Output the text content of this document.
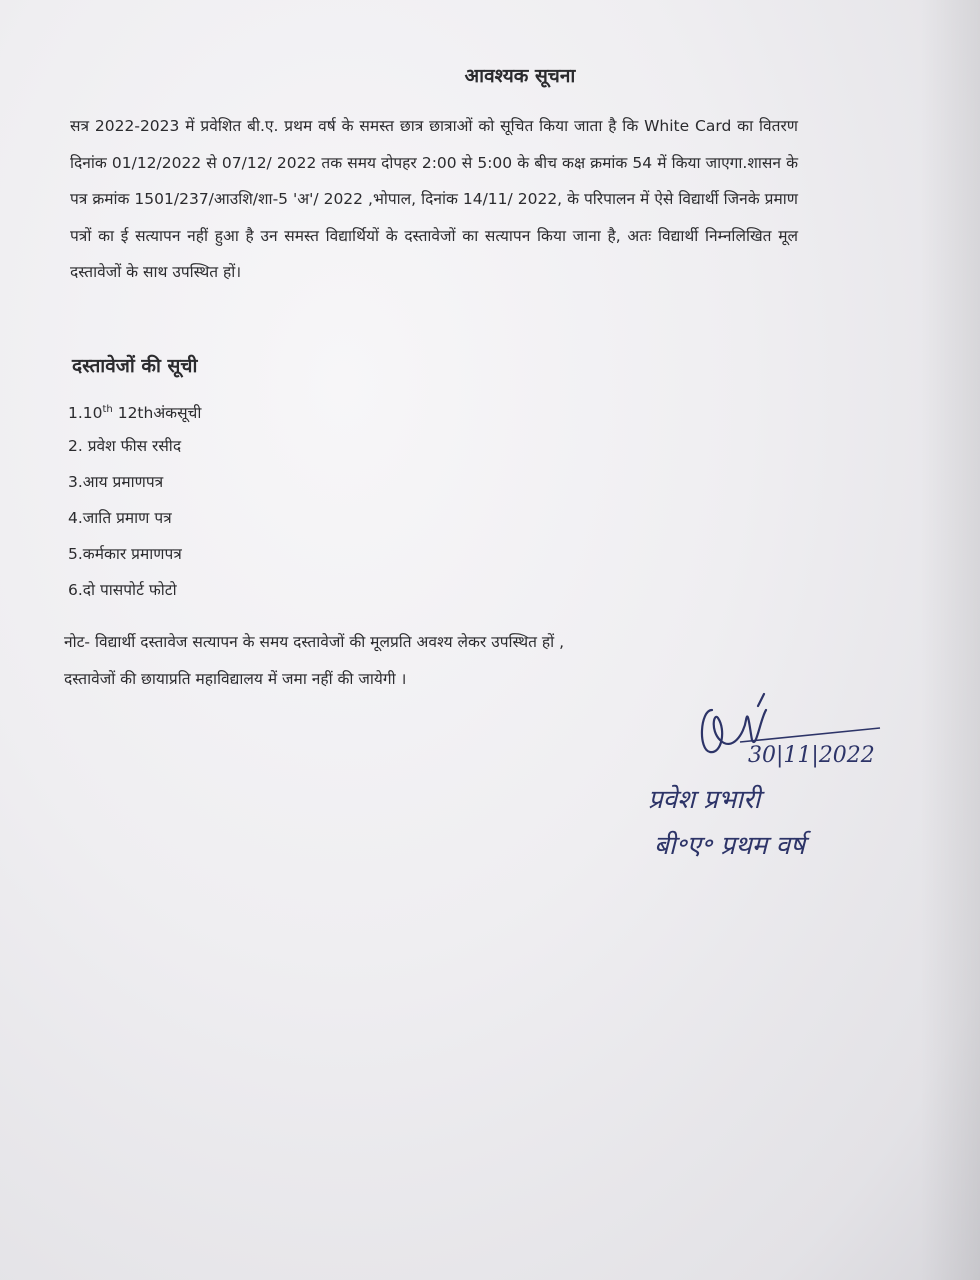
आवश्यक सूचना
सत्र 2022-2023 में प्रवेशित बी.ए. प्रथम वर्ष के समस्त छात्र छात्राओं को सूचित किया जाता है कि White Card का वितरण दिनांक 01/12/2022 से 07/12/ 2022 तक समय दोपहर 2:00 से 5:00 के बीच कक्ष क्रमांक 54 में किया जाएगा.शासन के पत्र क्रमांक 1501/237/आउशि/शा-5 'अ'/ 2022 ,भोपाल, दिनांक 14/11/ 2022, के परिपालन में ऐसे विद्यार्थी जिनके प्रमाण पत्रों का ई सत्यापन नहीं हुआ है उन समस्त विद्यार्थियों के दस्तावेजों का सत्यापन किया जाना है, अतः विद्यार्थी निम्नलिखित मूल दस्तावेजों के साथ उपस्थित हों।
दस्तावेजों की सूची
1.10th 12thअंकसूची
2. प्रवेश फीस रसीद
3.आय प्रमाणपत्र
4.जाति प्रमाण पत्र
5.कर्मकार प्रमाणपत्र
6.दो पासपोर्ट फोटो
नोट- विद्यार्थी दस्तावेज सत्यापन के समय दस्तावेजों की मूलप्रति अवश्य लेकर उपस्थित हों ,
दस्तावेजों की छायाप्रति महाविद्यालय में जमा नहीं की जायेगी ।
30|11|2022
प्रवेश प्रभारी
बी॰ए॰ प्रथम वर्ष
